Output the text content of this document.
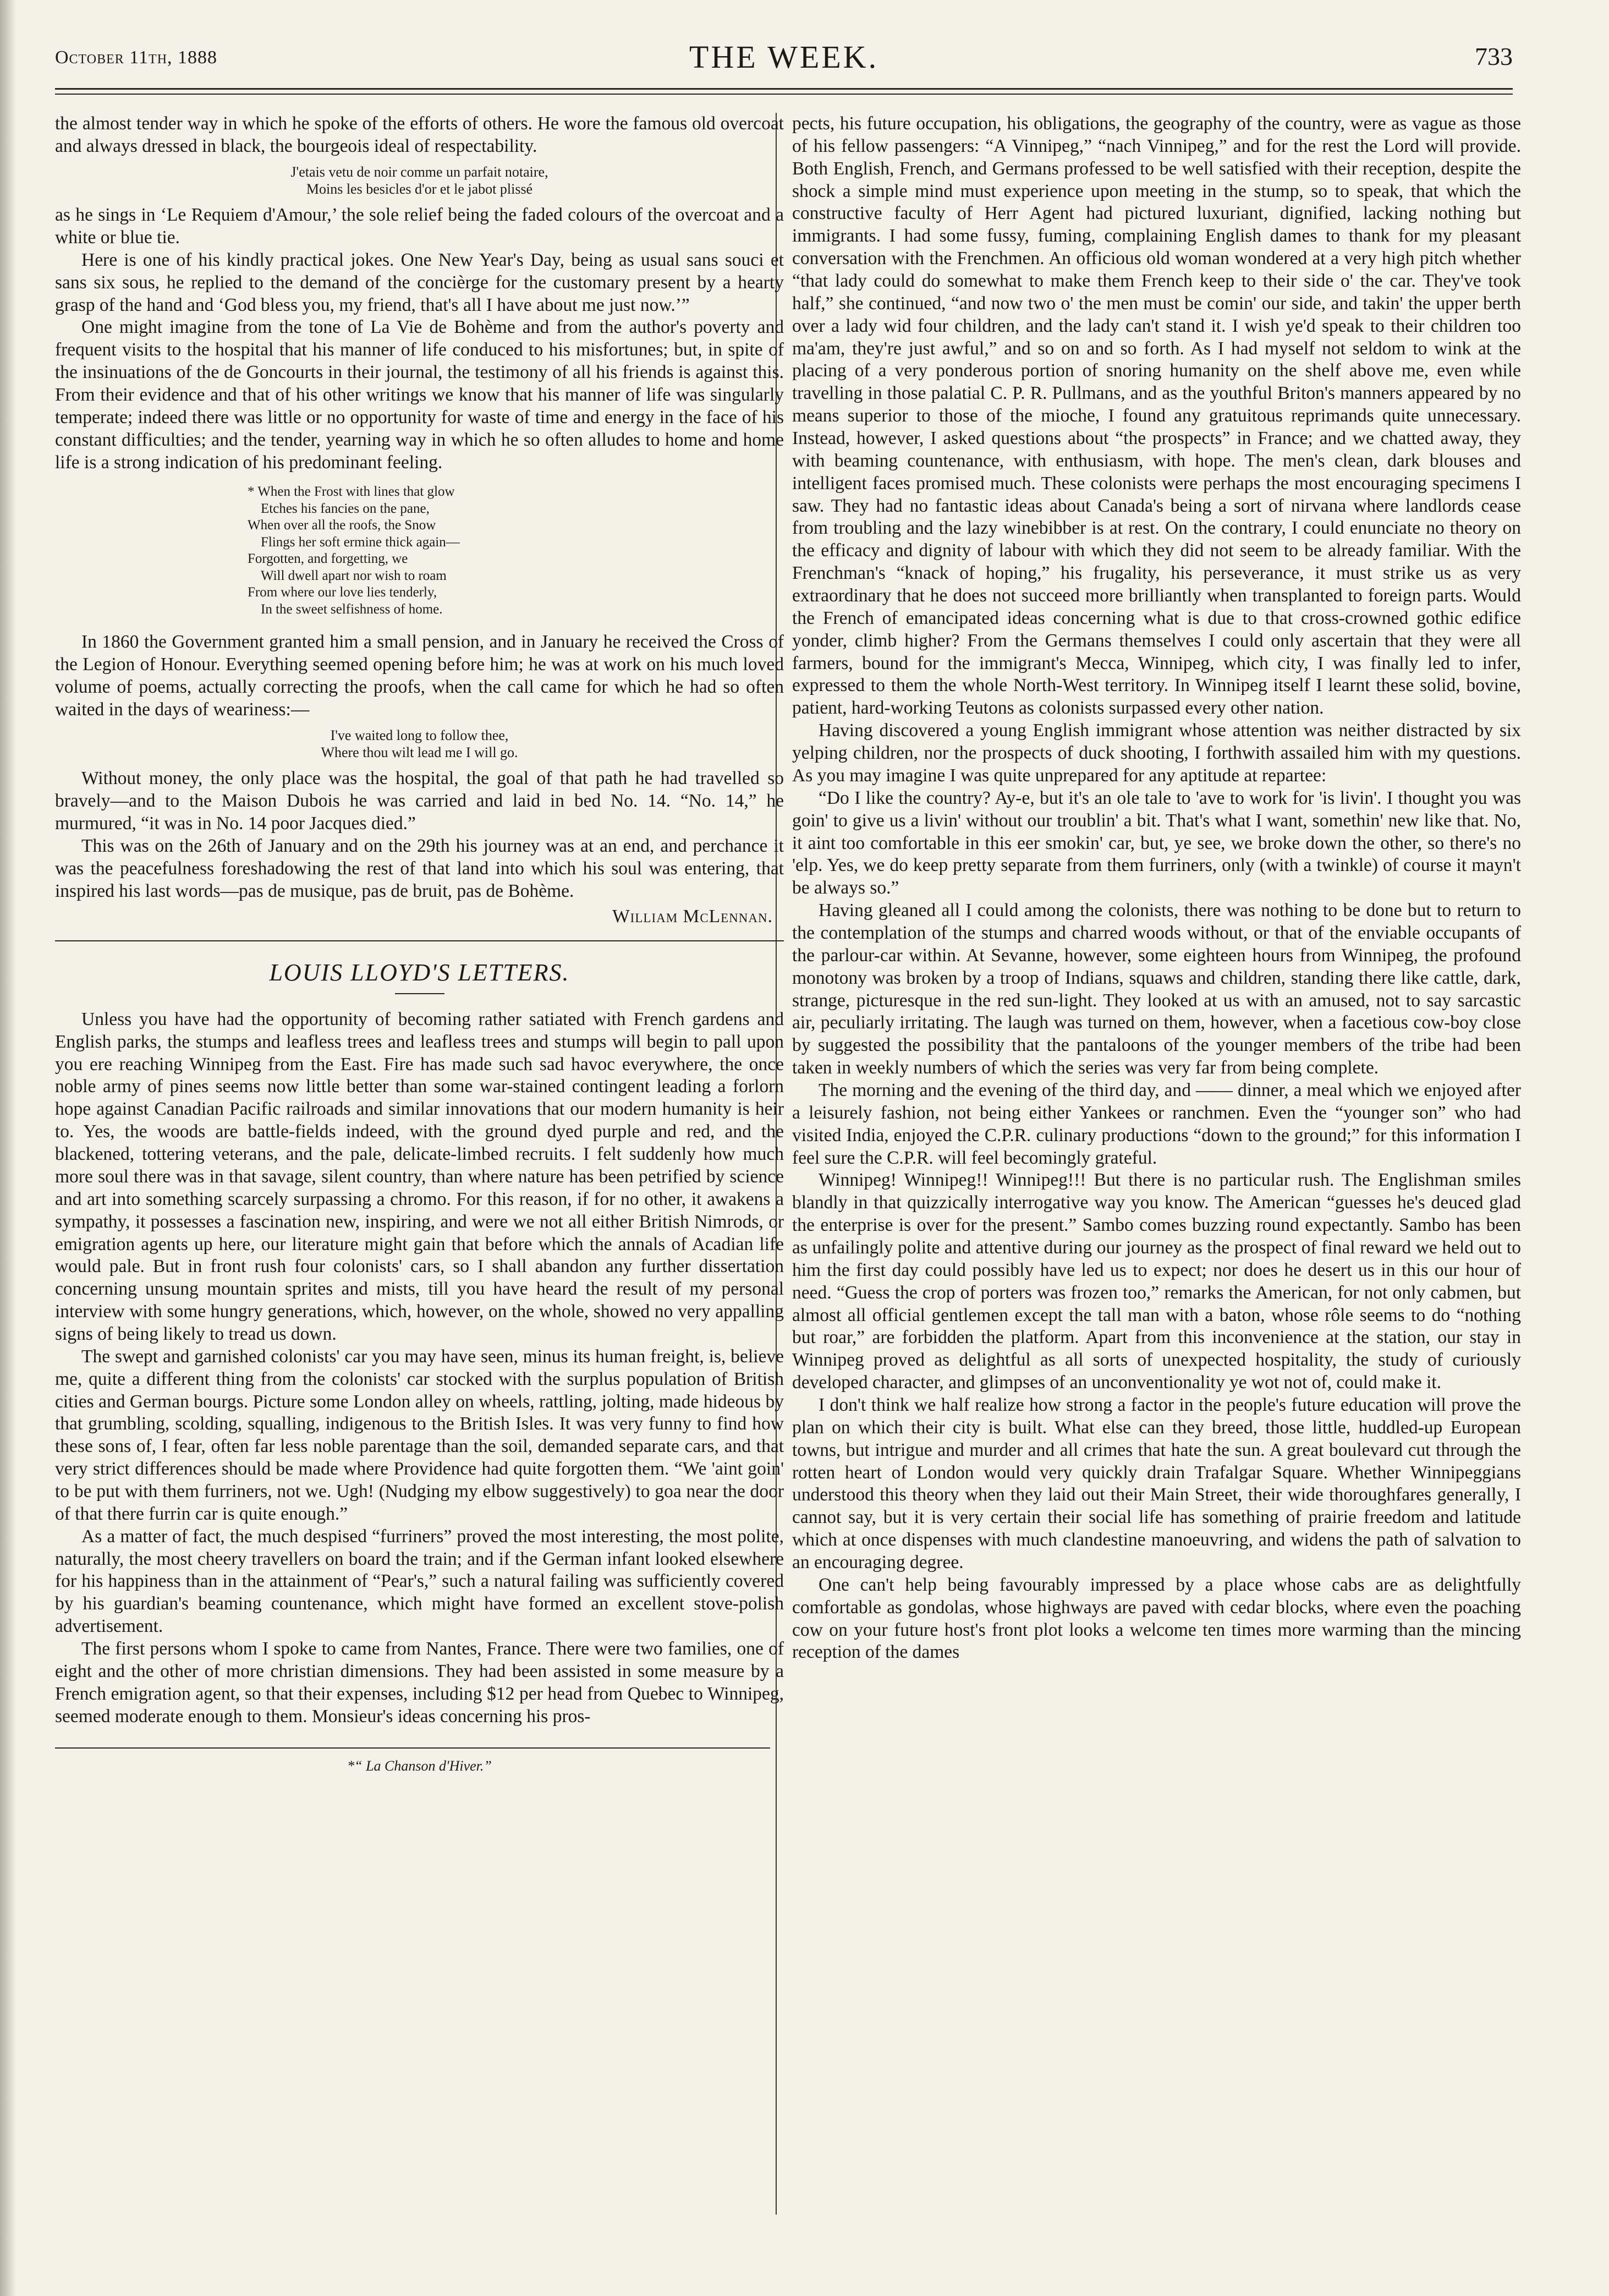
October 11th, 1888	THE WEEK.	733

the almost tender way in which he spoke of the efforts of others. He wore the famous old overcoat and always dressed in black, the bourgeois ideal of respectability.

J'etais vetu de noir comme un parfait notaire,
Moins les besicles d'or et le jabot plissé

as he sings in ‘Le Requiem d'Amour,’ the sole relief being the faded colours of the overcoat and a white or blue tie.

Here is one of his kindly practical jokes. One New Year's Day, being as usual sans souci et sans six sous, he replied to the demand of the concièrge for the customary present by a hearty grasp of the hand and ‘God bless you, my friend, that's all I have about me just now.’”

One might imagine from the tone of La Vie de Bohème and from the author's poverty and frequent visits to the hospital that his manner of life conduced to his misfortunes; but, in spite of the insinuations of the de Goncourts in their journal, the testimony of all his friends is against this. From their evidence and that of his other writings we know that his manner of life was singularly temperate; indeed there was little or no opportunity for waste of time and energy in the face of his constant difficulties; and the tender, yearning way in which he so often alludes to home and home life is a strong indication of his predominant feeling.

* When the Frost with lines that glow
Etches his fancies on the pane,
When over all the roofs, the Snow
Flings her soft ermine thick again—
Forgotten, and forgetting, we
Will dwell apart nor wish to roam
From where our love lies tenderly,
In the sweet selfishness of home.

In 1860 the Government granted him a small pension, and in January he received the Cross of the Legion of Honour. Everything seemed opening before him; he was at work on his much loved volume of poems, actually correcting the proofs, when the call came for which he had so often waited in the days of weariness:—

I've waited long to follow thee,
Where thou wilt lead me I will go.

Without money, the only place was the hospital, the goal of that path he had travelled so bravely—and to the Maison Dubois he was carried and laid in bed No. 14. “No. 14,” he murmured, “it was in No. 14 poor Jacques died.”

This was on the 26th of January and on the 29th his journey was at an end, and perchance it was the peacefulness foreshadowing the rest of that land into which his soul was entering, that inspired his last words—pas de musique, pas de bruit, pas de Bohème.

William McLennan.
LOUIS LLOYD'S LETTERS.

Unless you have had the opportunity of becoming rather satiated with French gardens and English parks, the stumps and leafless trees and leafless trees and stumps will begin to pall upon you ere reaching Winnipeg from the East. Fire has made such sad havoc everywhere, the once noble army of pines seems now little better than some war-stained contingent leading a forlorn hope against Canadian Pacific railroads and similar innovations that our modern humanity is heir to. Yes, the woods are battle-fields indeed, with the ground dyed purple and red, and the blackened, tottering veterans, and the pale, delicate-limbed recruits. I felt suddenly how much more soul there was in that savage, silent country, than where nature has been petrified by science and art into something scarcely surpassing a chromo. For this reason, if for no other, it awakens a sympathy, it possesses a fascination new, inspiring, and were we not all either British Nimrods, or emigration agents up here, our literature might gain that before which the annals of Acadian life would pale. But in front rush four colonists' cars, so I shall abandon any further dissertation concerning unsung mountain sprites and mists, till you have heard the result of my personal interview with some hungry generations, which, however, on the whole, showed no very appalling signs of being likely to tread us down.

The swept and garnished colonists' car you may have seen, minus its human freight, is, believe me, quite a different thing from the colonists' car stocked with the surplus population of British cities and German bourgs. Picture some London alley on wheels, rattling, jolting, made hideous by that grumbling, scolding, squalling, indigenous to the British Isles. It was very funny to find how these sons of, I fear, often far less noble parentage than the soil, demanded separate cars, and that very strict differences should be made where Providence had quite forgotten them. “We 'aint goin' to be put with them furriners, not we. Ugh! (Nudging my elbow suggestively) to goa near the door of that there furrin car is quite enough.”

As a matter of fact, the much despised “furriners” proved the most interesting, the most polite, naturally, the most cheery travellers on board the train; and if the German infant looked elsewhere for his happiness than in the attainment of “Pear's,” such a natural failing was sufficiently covered by his guardian's beaming countenance, which might have formed an excellent stove-polish advertisement.

The first persons whom I spoke to came from Nantes, France. There were two families, one of eight and the other of more christian dimensions. They had been assisted in some measure by a French emigration agent, so that their expenses, including $12 per head from Quebec to Winnipeg, seemed moderate enough to them. Monsieur's ideas concerning his pros-

*“ La Chanson d'Hiver.”

pects, his future occupation, his obligations, the geography of the country, were as vague as those of his fellow passengers: “A Vinnipeg,” “nach Vinnipeg,” and for the rest the Lord will provide. Both English, French, and Germans professed to be well satisfied with their reception, despite the shock a simple mind must experience upon meeting in the stump, so to speak, that which the constructive faculty of Herr Agent had pictured luxuriant, dignified, lacking nothing but immigrants. I had some fussy, fuming, complaining English dames to thank for my pleasant conversation with the Frenchmen. An officious old woman wondered at a very high pitch whether “that lady could do somewhat to make them French keep to their side o' the car. They've took half,” she continued, “and now two o' the men must be comin' our side, and takin' the upper berth over a lady wid four children, and the lady can't stand it. I wish ye'd speak to their children too ma'am, they're just awful,” and so on and so forth. As I had myself not seldom to wink at the placing of a very ponderous portion of snoring humanity on the shelf above me, even while travelling in those palatial C. P. R. Pullmans, and as the youthful Briton's manners appeared by no means superior to those of the mioche, I found any gratuitous reprimands quite unnecessary. Instead, however, I asked questions about “the prospects” in France; and we chatted away, they with beaming countenance, with enthusiasm, with hope. The men's clean, dark blouses and intelligent faces promised much. These colonists were perhaps the most encouraging specimens I saw. They had no fantastic ideas about Canada's being a sort of nirvana where landlords cease from troubling and the lazy winebibber is at rest. On the contrary, I could enunciate no theory on the efficacy and dignity of labour with which they did not seem to be already familiar. With the Frenchman's “knack of hoping,” his frugality, his perseverance, it must strike us as very extraordinary that he does not succeed more brilliantly when transplanted to foreign parts. Would the French of emancipated ideas concerning what is due to that cross-crowned gothic edifice yonder, climb higher? From the Germans themselves I could only ascertain that they were all farmers, bound for the immigrant's Mecca, Winnipeg, which city, I was finally led to infer, expressed to them the whole North-West territory. In Winnipeg itself I learnt these solid, bovine, patient, hard-working Teutons as colonists surpassed every other nation.

Having discovered a young English immigrant whose attention was neither distracted by six yelping children, nor the prospects of duck shooting, I forthwith assailed him with my questions. As you may imagine I was quite unprepared for any aptitude at repartee:

“Do I like the country? Ay-e, but it's an ole tale to 'ave to work for 'is livin'. I thought you was goin' to give us a livin' without our troublin' a bit. That's what I want, somethin' new like that. No, it aint too comfortable in this eer smokin' car, but, ye see, we broke down the other, so there's no 'elp. Yes, we do keep pretty separate from them furriners, only (with a twinkle) of course it mayn't be always so.”

Having gleaned all I could among the colonists, there was nothing to be done but to return to the contemplation of the stumps and charred woods without, or that of the enviable occupants of the parlour-car within. At Sevanne, however, some eighteen hours from Winnipeg, the profound monotony was broken by a troop of Indians, squaws and children, standing there like cattle, dark, strange, picturesque in the red sun-light. They looked at us with an amused, not to say sarcastic air, peculiarly irritating. The laugh was turned on them, however, when a facetious cow-boy close by suggested the possibility that the pantaloons of the younger members of the tribe had been taken in weekly numbers of which the series was very far from being complete.

The morning and the evening of the third day, and —— dinner, a meal which we enjoyed after a leisurely fashion, not being either Yankees or ranchmen. Even the “younger son” who had visited India, enjoyed the C.P.R. culinary productions “down to the ground;” for this information I feel sure the C.P.R. will feel becomingly grateful.

Winnipeg! Winnipeg!! Winnipeg!!! But there is no particular rush. The Englishman smiles blandly in that quizzically interrogative way you know. The American “guesses he's deuced glad the enterprise is over for the present.” Sambo comes buzzing round expectantly. Sambo has been as unfailingly polite and attentive during our journey as the prospect of final reward we held out to him the first day could possibly have led us to expect; nor does he desert us in this our hour of need. “Guess the crop of porters was frozen too,” remarks the American, for not only cabmen, but almost all official gentlemen except the tall man with a baton, whose rôle seems to do “nothing but roar,” are forbidden the platform. Apart from this inconvenience at the station, our stay in Winnipeg proved as delightful as all sorts of unexpected hospitality, the study of curiously developed character, and glimpses of an unconventionality ye wot not of, could make it.

I don't think we half realize how strong a factor in the people's future education will prove the plan on which their city is built. What else can they breed, those little, huddled-up European towns, but intrigue and murder and all crimes that hate the sun. A great boulevard cut through the rotten heart of London would very quickly drain Trafalgar Square. Whether Winnipeggians understood this theory when they laid out their Main Street, their wide thoroughfares generally, I cannot say, but it is very certain their social life has something of prairie freedom and latitude which at once dispenses with much clandestine manoeuvring, and widens the path of salvation to an encouraging degree.

One can't help being favourably impressed by a place whose cabs are as delightfully comfortable as gondolas, whose highways are paved with cedar blocks, where even the poaching cow on your future host's front plot looks a welcome ten times more warming than the mincing reception of the dames
